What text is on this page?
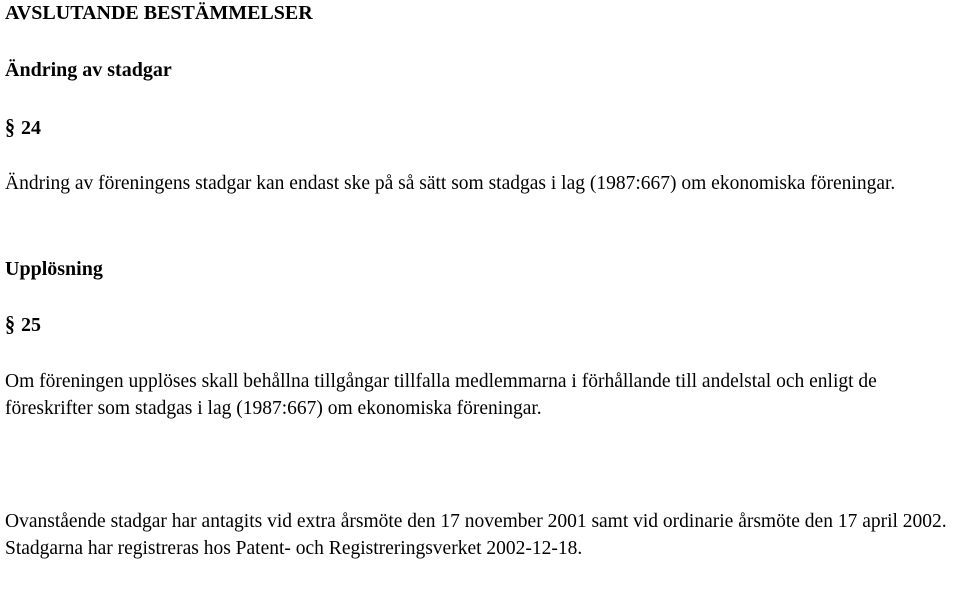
AVSLUTANDE BESTÄMMELSER
Ändring av stadgar
§ 24

Ändring av föreningens stadgar kan endast ske på så sätt som stadgas i lag (1987:667) om ekonomiska föreningar.

Upplösning
§ 25

Om föreningen upplöses skall behållna tillgångar tillfalla medlemmarna i förhållande till andelstal och enligt de föreskrifter som stadgas i lag (1987:667) om ekonomiska föreningar.

Ovanstående stadgar har antagits vid extra årsmöte den 17 november 2001 samt vid ordinarie årsmöte den 17 april 2002.
Stadgarna har registreras hos Patent- och Registreringsverket 2002-12-18.
